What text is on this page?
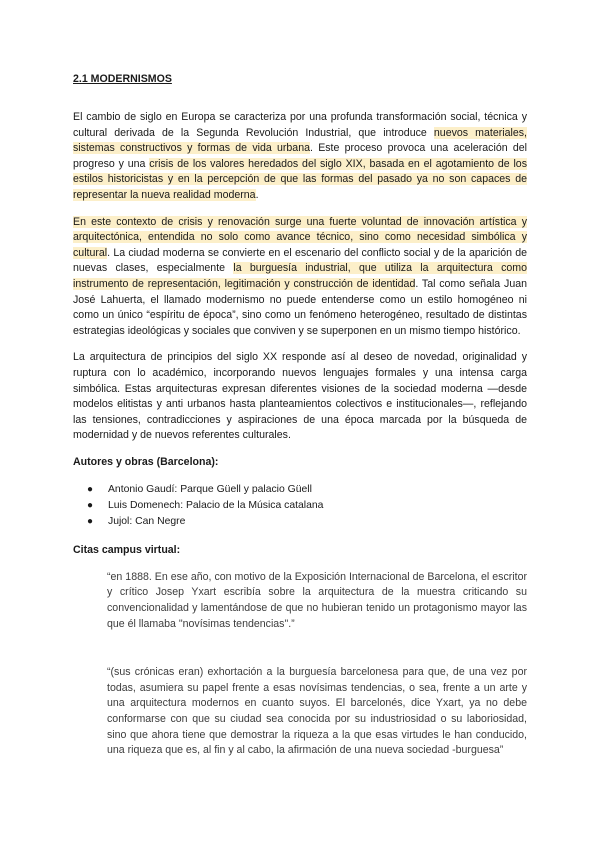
2.1 MODERNISMOS

El cambio de siglo en Europa se caracteriza por una profunda transformación social, técnica y cultural derivada de la Segunda Revolución Industrial, que introduce nuevos materiales, sistemas constructivos y formas de vida urbana. Este proceso provoca una aceleración del progreso y una crisis de los valores heredados del siglo XIX, basada en el agotamiento de los estilos historicistas y en la percepción de que las formas del pasado ya no son capaces de representar la nueva realidad moderna.

En este contexto de crisis y renovación surge una fuerte voluntad de innovación artística y arquitectónica, entendida no solo como avance técnico, sino como necesidad simbólica y cultural. La ciudad moderna se convierte en el escenario del conflicto social y de la aparición de nuevas clases, especialmente la burguesía industrial, que utiliza la arquitectura como instrumento de representación, legitimación y construcción de identidad. Tal como señala Juan José Lahuerta, el llamado modernismo no puede entenderse como un estilo homogéneo ni como un único “espíritu de época”, sino como un fenómeno heterogéneo, resultado de distintas estrategias ideológicas y sociales que conviven y se superponen en un mismo tiempo histórico.

La arquitectura de principios del siglo XX responde así al deseo de novedad, originalidad y ruptura con lo académico, incorporando nuevos lenguajes formales y una intensa carga simbólica. Estas arquitecturas expresan diferentes visiones de la sociedad moderna —desde modelos elitistas y anti urbanos hasta planteamientos colectivos e institucionales—, reflejando las tensiones, contradicciones y aspiraciones de una época marcada por la búsqueda de modernidad y de nuevos referentes culturales.

Autores y obras (Barcelona):
● Antonio Gaudí: Parque Güell y palacio Güell
● Luis Domenech: Palacio de la Música catalana
● Jujol: Can Negre
Citas campus virtual:

“en 1888. En ese año, con motivo de la Exposición Internacional de Barcelona, el escritor y crítico Josep Yxart escribía sobre la arquitectura de la muestra criticando su convencionalidad y lamentándose de que no hubieran tenido un protagonismo mayor las que él llamaba "novísimas tendencias".”

“(sus crónicas eran) exhortación a la burguesía barcelonesa para que, de una vez por todas, asumiera su papel frente a esas novísimas tendencias, o sea, frente a un arte y una arquitectura modernos en cuanto suyos. El barcelonés, dice Yxart, ya no debe conformarse con que su ciudad sea conocida por su industriosidad o su laboriosidad, sino que ahora tiene que demostrar la riqueza a la que esas virtudes le han conducido, una riqueza que es, al fin y al cabo, la afirmación de una nueva sociedad -burguesa”
